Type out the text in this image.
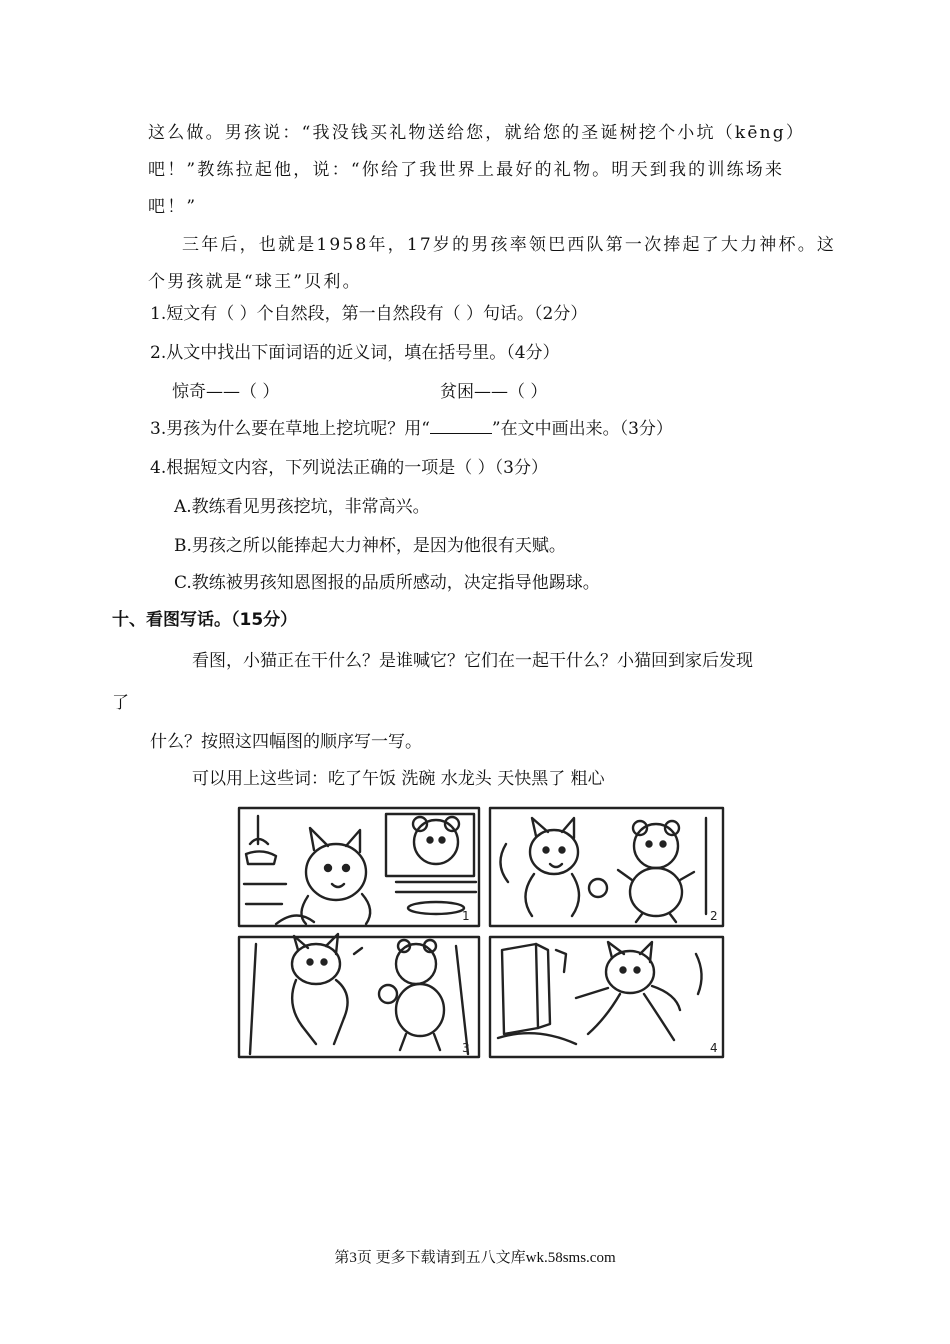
这么做。男孩说：“我没钱买礼物送给您，就给您的圣诞树挖个小坑（kēng）
吧！”教练拉起他，说：“你给了我世界上最好的礼物。明天到我的训练场来
吧！”
三年后，也就是1958年，17岁的男孩率领巴西队第一次捧起了大力神杯。这
个男孩就是“球王”贝利。
1.短文有（ ）个自然段，第一自然段有（ ）句话。（2分）
2.从文中找出下面词语的近义词，填在括号里。（4分）
惊奇——（ ）	贫困——（ ）
3.男孩为什么要在草地上挖坑呢？用“	”在文中画出来。（3分）
4.根据短文内容，下列说法正确的一项是（ ）（3分）
A.教练看见男孩挖坑，非常高兴。
B.男孩之所以能捧起大力神杯，是因为他很有天赋。
C.教练被男孩知恩图报的品质所感动，决定指导他踢球。
十、看图写话。（15分）
看图，小猫正在干什么？是谁喊它？它们在一起干什么？小猫回到家后发现
了
什么？按照这四幅图的顺序写一写。
可以用上这些词：吃了午饭 洗碗 水龙头 天快黑了 粗心
1	2
3	4
第3页 更多下载请到五八文库wk.58sms.com
